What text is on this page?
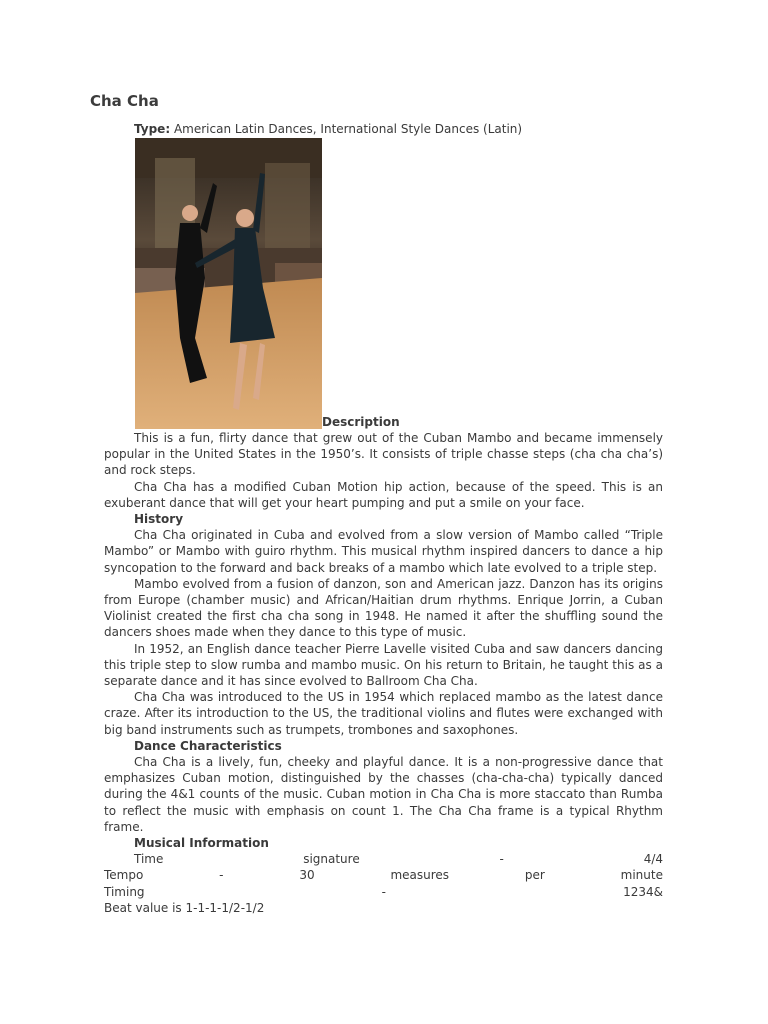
Cha Cha
Type: American Latin Dances, International Style Dances (Latin)
Description

This is a fun, flirty dance that grew out of the Cuban Mambo and became immensely popular in the United States in the 1950’s. It consists of triple chasse steps (cha cha cha’s) and rock steps.

Cha Cha has a modified Cuban Motion hip action, because of the speed. This is an exuberant dance that will get your heart pumping and put a smile on your face.

History

Cha Cha originated in Cuba and evolved from a slow version of Mambo called “Triple Mambo” or Mambo with guiro rhythm. This musical rhythm inspired dancers to dance a hip syncopation to the forward and back breaks of a mambo which late evolved to a triple step.

Mambo evolved from a fusion of danzon, son and American jazz. Danzon has its origins from Europe (chamber music) and African/Haitian drum rhythms. Enrique Jorrin, a Cuban Violinist created the first cha cha song in 1948. He named it after the shuffling sound the dancers shoes made when they dance to this type of music.

In 1952, an English dance teacher Pierre Lavelle visited Cuba and saw dancers dancing this triple step to slow rumba and mambo music. On his return to Britain, he taught this as a separate dance and it has since evolved to Ballroom Cha Cha.

Cha Cha was introduced to the US in 1954 which replaced mambo as the latest dance craze. After its introduction to the US, the traditional violins and flutes were exchanged with big band instruments such as trumpets, trombones and saxophones.

Dance Characteristics

Cha Cha is a lively, fun, cheeky and playful dance. It is a non-progressive dance that emphasizes Cuban motion, distinguished by the chasses (cha-cha-cha) typically danced during the 4&1 counts of the music. Cuban motion in Cha Cha is more staccato than Rumba to reflect the music with emphasis on count 1. The Cha Cha frame is a typical Rhythm frame.

Musical Information
Time	signature	-	4/4
Tempo	-	30	measures	per	minute
Timing	-	1234&
Beat value is 1-1-1-1/2-1/2
